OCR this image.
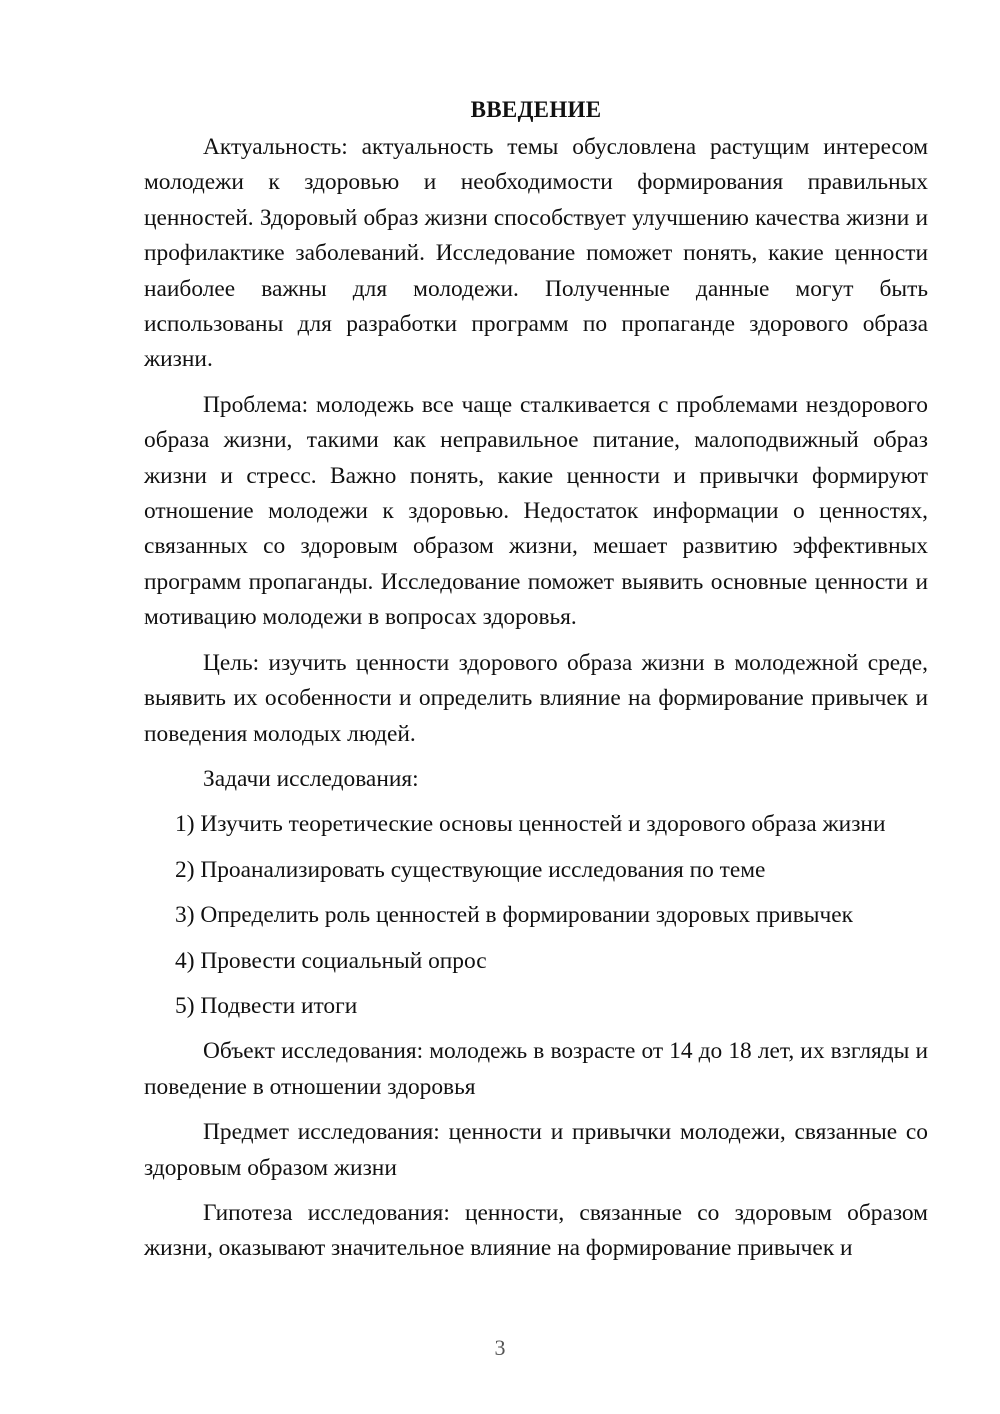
ВВЕДЕНИЕ

Актуальность: актуальность темы обусловлена растущим интересом молодежи к здоровью и необходимости формирования правильных ценностей. Здоровый образ жизни способствует улучшению качества жизни и профилактике заболеваний. Исследование поможет понять, какие ценности наиболее важны для молодежи. Полученные данные могут быть использованы для разработки программ по пропаганде здорового образа жизни.

Проблема: молодежь все чаще сталкивается с проблемами нездорового образа жизни, такими как неправильное питание, малоподвижный образ жизни и стресс. Важно понять, какие ценности и привычки формируют отношение молодежи к здоровью. Недостаток информации о ценностях, связанных со здоровым образом жизни, мешает развитию эффективных программ пропаганды. Исследование поможет выявить основные ценности и мотивацию молодежи в вопросах здоровья.

Цель: изучить ценности здорового образа жизни в молодежной среде, выявить их особенности и определить влияние на формирование привычек и поведения молодых людей.

Задачи исследования:

1) Изучить теоретические основы ценностей и здорового образа жизни
2) Проанализировать существующие исследования по теме
3) Определить роль ценностей в формировании здоровых привычек
4) Провести социальный опрос
5) Подвести итоги

Объект исследования: молодежь в возрасте от 14 до 18 лет, их взгляды и поведение в отношении здоровья

Предмет исследования: ценности и привычки молодежи, связанные со здоровым образом жизни

Гипотеза исследования: ценности, связанные со здоровым образом жизни, оказывают значительное влияние на формирование привычек и

3
